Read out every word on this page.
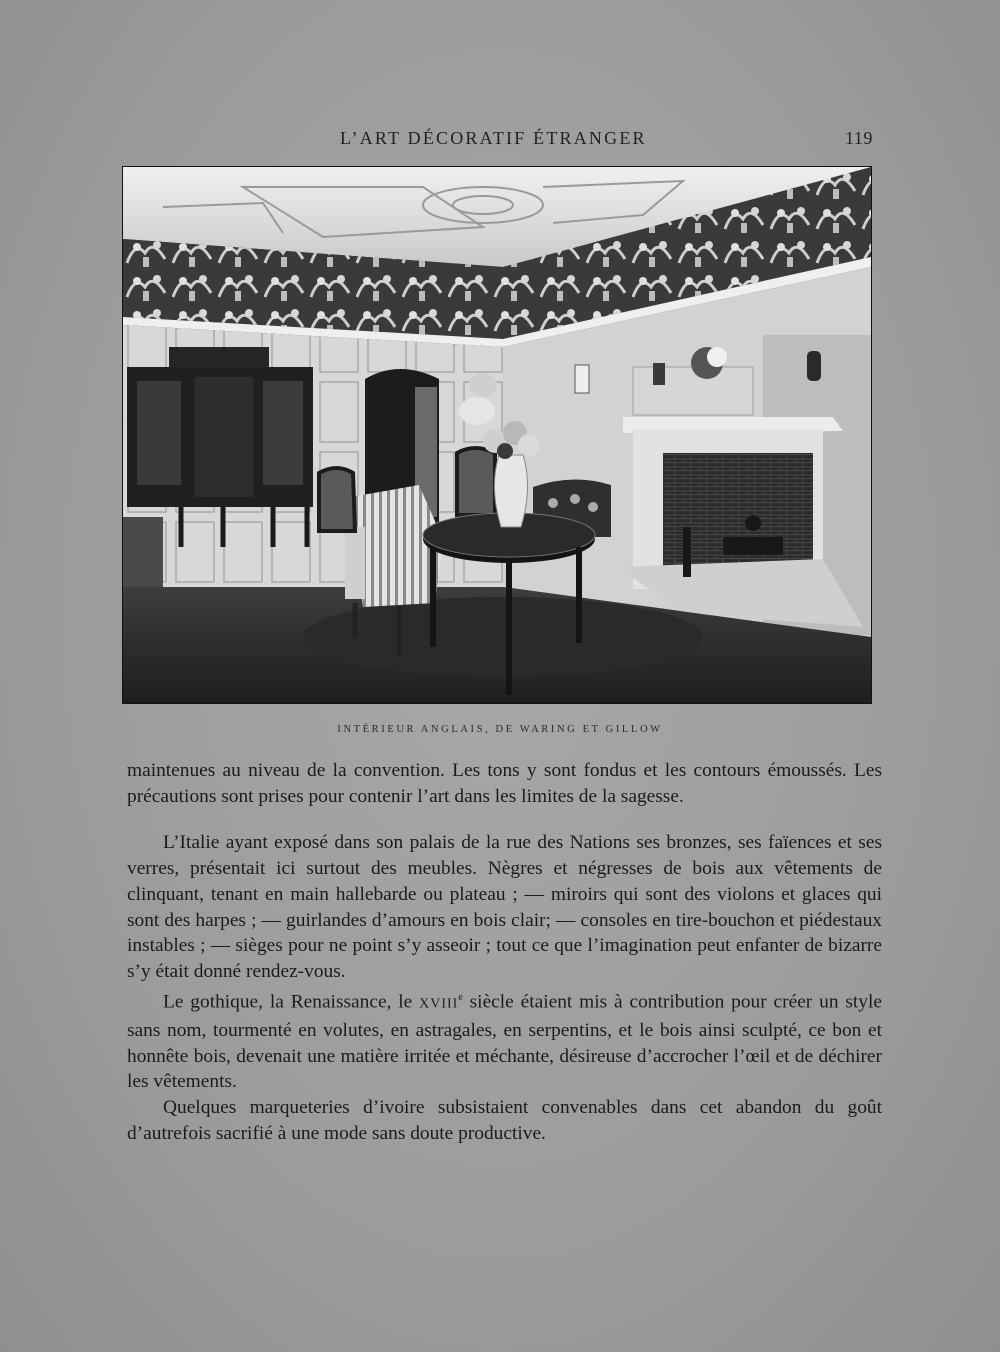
L’ART DÉCORATIF ÉTRANGER	119
INTÉRIEUR ANGLAIS, DE WARING ET GILLOW

maintenues au niveau de la convention. Les tons y sont fondus et les contours émoussés. Les précautions sont prises pour contenir l’art dans les limites de la sagesse.

L’Italie ayant exposé dans son palais de la rue des Nations ses bronzes, ses faïences et ses verres, présentait ici surtout des meubles. Nègres et négresses de bois aux vêtements de clinquant, tenant en main hallebarde ou plateau ; — miroirs qui sont des violons et glaces qui sont des harpes ; — guirlandes d’amours en bois clair; — consoles en tire-bouchon et piédestaux instables ; — sièges pour ne point s’y asseoir ; tout ce que l’imagination peut enfanter de bizarre s’y était donné rendez-vous.

Le gothique, la Renaissance, le XVIIIe siècle étaient mis à contribution pour créer un style sans nom, tourmenté en volutes, en astragales, en serpentins, et le bois ainsi sculpté, ce bon et honnête bois, devenait une matière irritée et méchante, désireuse d’accrocher l’œil et de déchirer les vêtements.

Quelques marqueteries d’ivoire subsistaient convenables dans cet abandon du goût d’autrefois sacrifié à une mode sans doute productive.
